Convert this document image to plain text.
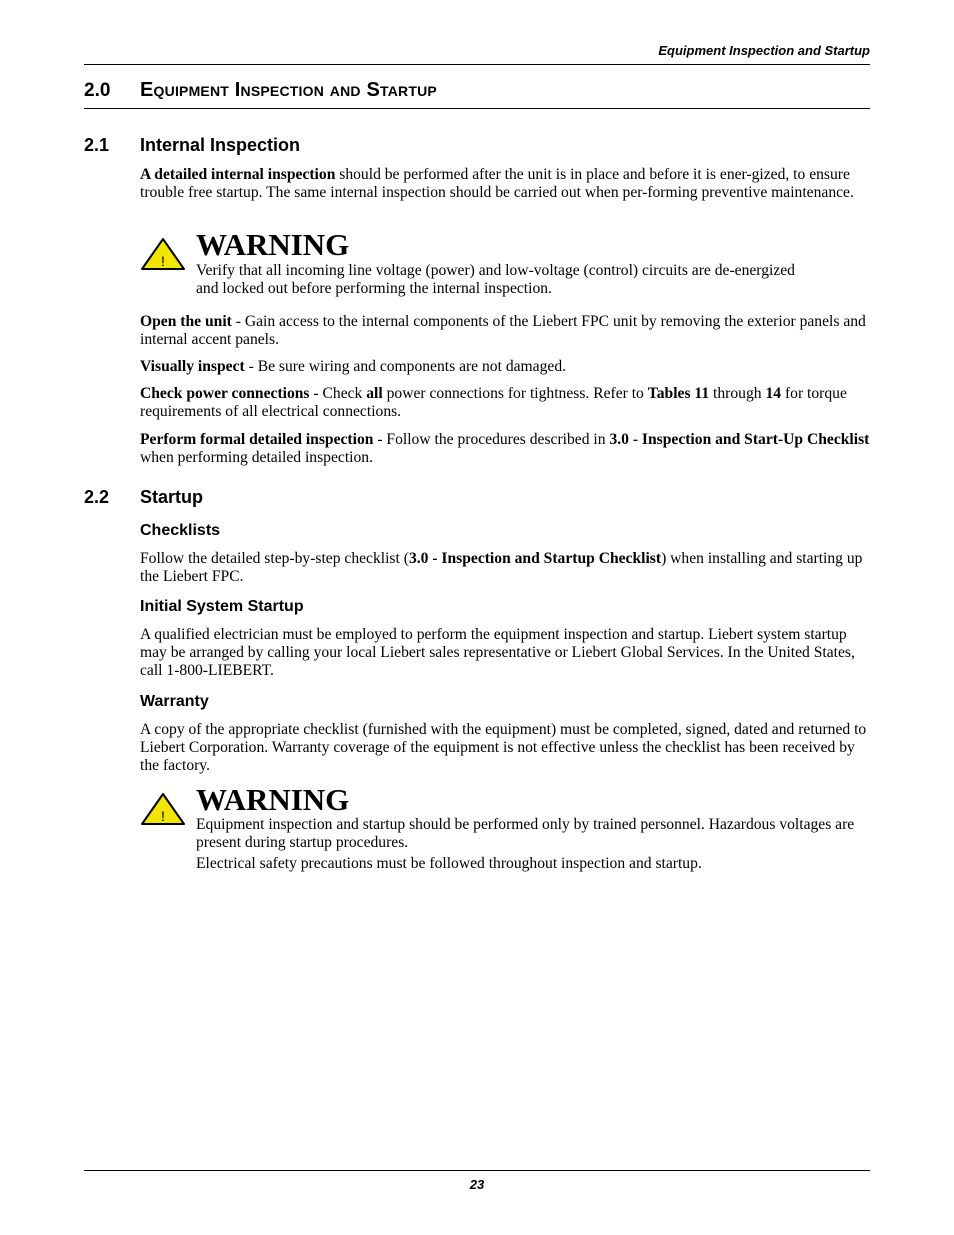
Equipment Inspection and Startup
2.0 Equipment Inspection and Startup
2.1 Internal Inspection

A detailed internal inspection should be performed after the unit is in place and before it is ener-gized, to ensure trouble free startup. The same internal inspection should be carried out when per-forming preventive maintenance.

! WARNING

Verify that all incoming line voltage (power) and low-voltage (control) circuits are de-energized and locked out before performing the internal inspection.

Open the unit - Gain access to the internal components of the Liebert FPC unit by removing the exterior panels and internal accent panels.

Visually inspect - Be sure wiring and components are not damaged.

Check power connections - Check all power connections for tightness. Refer to Tables 11 through 14 for torque requirements of all electrical connections.

Perform formal detailed inspection - Follow the procedures described in 3.0 - Inspection and Start-Up Checklist when performing detailed inspection.

2.2 Startup
Checklists

Follow the detailed step-by-step checklist (3.0 - Inspection and Startup Checklist) when installing and starting up the Liebert FPC.

Initial System Startup

A qualified electrician must be employed to perform the equipment inspection and startup. Liebert system startup may be arranged by calling your local Liebert sales representative or Liebert Global Services. In the United States, call 1-800-LIEBERT.

Warranty

A copy of the appropriate checklist (furnished with the equipment) must be completed, signed, dated and returned to Liebert Corporation. Warranty coverage of the equipment is not effective unless the checklist has been received by the factory.

! WARNING

Equipment inspection and startup should be performed only by trained personnel. Hazardous voltages are present during startup procedures.

Electrical safety precautions must be followed throughout inspection and startup.

23
